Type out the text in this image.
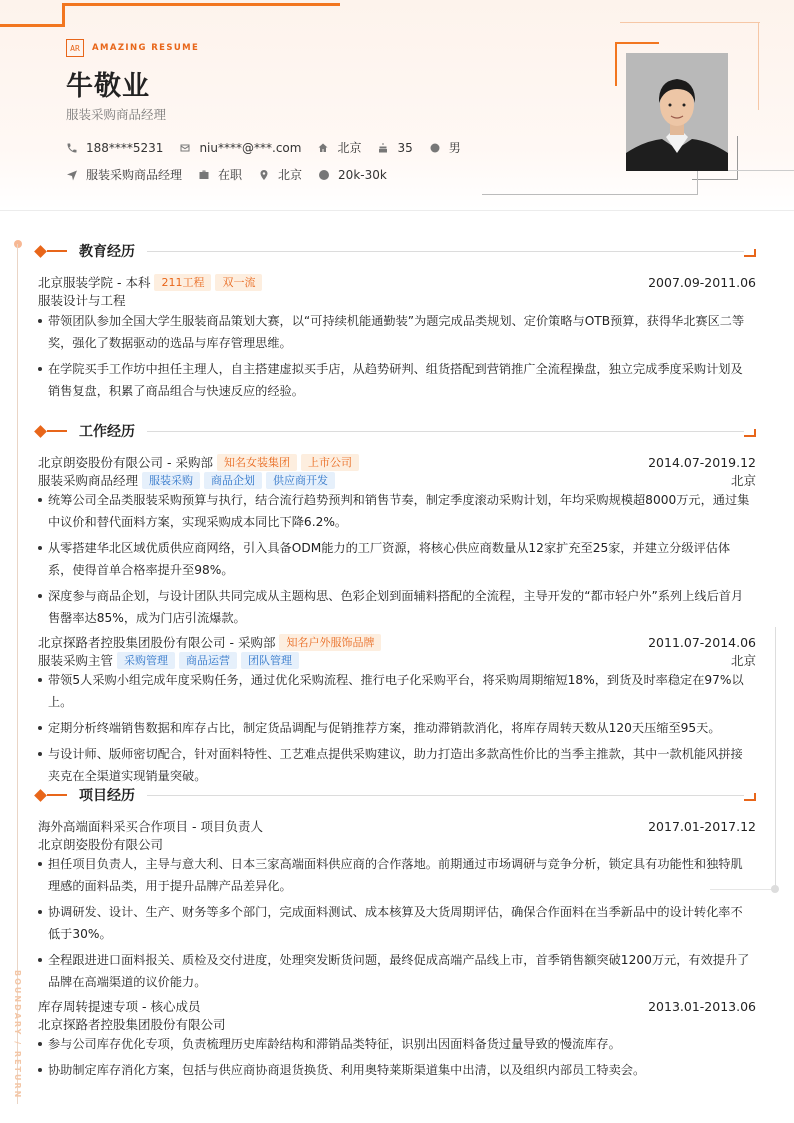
AR	AMAZING RESUME
牛敬业
服装采购商品经理
188****5231	niu****@***.com	北京	35	男
服装采购商品经理	在职	北京	20k-30k
BOUNDARY / RETURN
教育经历
北京服装学院 - 本科	211工程	双一流	2007.09-2011.06
服装设计与工程
带领团队参加全国大学生服装商品策划大赛，以“可持续机能通勤装”为题完成品类规划、定价策略与OTB预算，获得华北赛区二等奖，强化了数据驱动的选品与库存管理思维。
在学院买手工作坊中担任主理人，自主搭建虚拟买手店，从趋势研判、组货搭配到营销推广全流程操盘，独立完成季度采购计划及销售复盘，积累了商品组合与快速反应的经验。
工作经历
北京朗姿股份有限公司 - 采购部	知名女装集团	上市公司	2014.07-2019.12
服装采购商品经理	服装采购	商品企划	供应商开发	北京
统筹公司全品类服装采购预算与执行，结合流行趋势预判和销售节奏，制定季度滚动采购计划，年均采购规模超8000万元，通过集中议价和替代面料方案，实现采购成本同比下降6.2%。
从零搭建华北区域优质供应商网络，引入具备ODM能力的工厂资源，将核心供应商数量从12家扩充至25家，并建立分级评估体系，使得首单合格率提升至98%。
深度参与商品企划，与设计团队共同完成从主题构思、色彩企划到面辅料搭配的全流程，主导开发的“都市轻户外”系列上线后首月售罄率达85%，成为门店引流爆款。
北京探路者控股集团股份有限公司 - 采购部	知名户外服饰品牌	2011.07-2014.06
服装采购主管	采购管理	商品运营	团队管理	北京
带领5人采购小组完成年度采购任务，通过优化采购流程、推行电子化采购平台，将采购周期缩短18%，到货及时率稳定在97%以上。
定期分析终端销售数据和库存占比，制定货品调配与促销推荐方案，推动滞销款消化，将库存周转天数从120天压缩至95天。
与设计师、版师密切配合，针对面料特性、工艺难点提供采购建议，助力打造出多款高性价比的当季主推款，其中一款机能风拼接夹克在全渠道实现销量突破。
项目经历
海外高端面料采买合作项目 - 项目负责人	2017.01-2017.12
北京朗姿股份有限公司
担任项目负责人，主导与意大利、日本三家高端面料供应商的合作落地。前期通过市场调研与竞争分析，锁定具有功能性和独特肌理感的面料品类，用于提升品牌产品差异化。
协调研发、设计、生产、财务等多个部门，完成面料测试、成本核算及大货周期评估，确保合作面料在当季新品中的设计转化率不低于30%。
全程跟进进口面料报关、质检及交付进度，处理突发断货问题，最终促成高端产品线上市，首季销售额突破1200万元，有效提升了品牌在高端渠道的议价能力。
库存周转提速专项 - 核心成员	2013.01-2013.06
北京探路者控股集团股份有限公司
参与公司库存优化专项，负责梳理历史库龄结构和滞销品类特征，识别出因面料备货过量导致的慢流库存。
协助制定库存消化方案，包括与供应商协商退货换货、利用奥特莱斯渠道集中出清，以及组织内部员工特卖会。
